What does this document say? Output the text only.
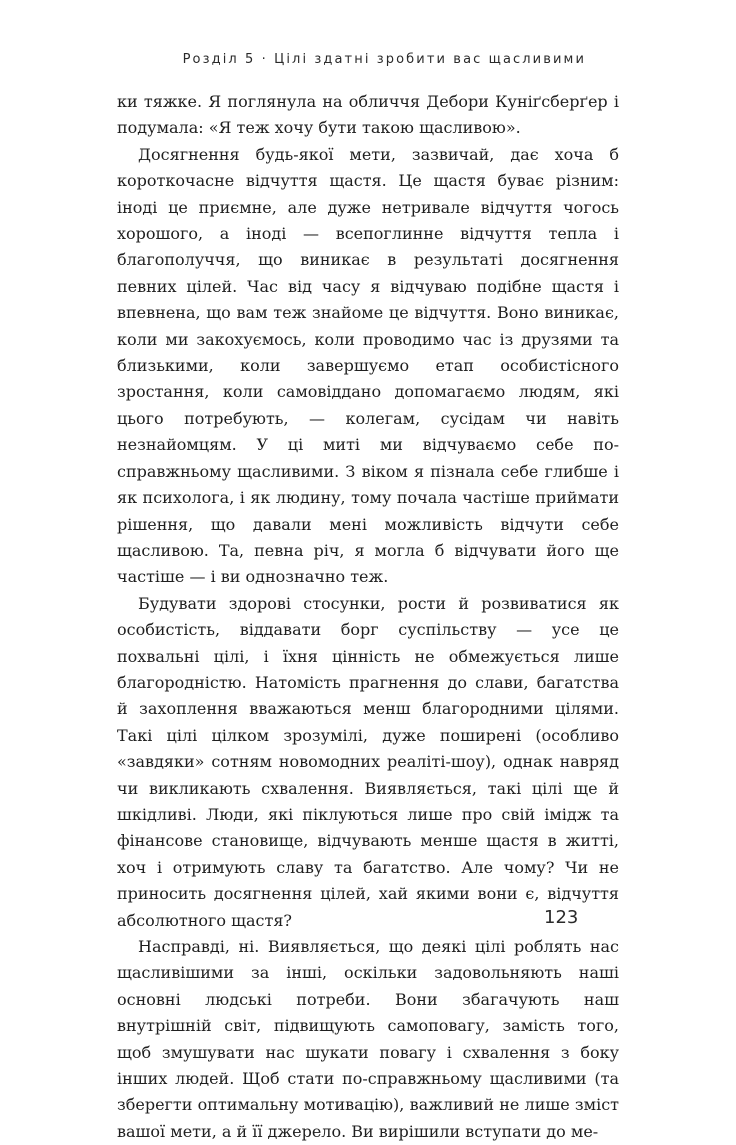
Розділ 5 · Цілі здатні зробити вас щасливими

ки тяжке. Я поглянула на обличчя Дебори Куніґсберґер і подумала: «Я теж хочу бути такою щасливою».

Досягнення будь-якої мети, зазвичай, дає хоча б короткочасне відчуття щастя. Це щастя буває різним: іноді це приємне, але дуже нетривале відчуття чогось хорошого, а іноді — всепоглинне відчуття тепла і благополуччя, що виникає в результаті досягнення певних цілей. Час від часу я відчуваю подібне щастя і впевнена, що вам теж знайоме це відчуття. Воно виникає, коли ми закохуємось, коли проводимо час із друзями та близькими, коли завершуємо етап особистісного зростання, коли самовіддано допомагаємо людям, які цього потребують, — колегам, сусідам чи навіть незнайомцям. У ці миті ми відчуваємо себе по-справжньому щасливими. З віком я пізнала себе глибше і як психолога, і як людину, тому почала частіше приймати рішення, що давали мені можливість відчути себе щасливою. Та, певна річ, я могла б відчувати його ще частіше — і ви однозначно теж.

Будувати здорові стосунки, рости й розвиватися як особистість, віддавати борг суспільству — усе це похвальні цілі, і їхня цінність не обмежується лише благородністю. Натомість прагнення до слави, багатства й захоплення вважаються менш благородними цілями. Такі цілі цілком зрозумілі, дуже поширені (особливо «завдяки» сотням новомодних реаліті-шоу), однак навряд чи викликають схвалення. Виявляється, такі цілі ще й шкідливі. Люди, які піклуються лише про свій імідж та фінансове становище, відчувають менше щастя в житті, хоч і отримують славу та багатство. Але чому? Чи не приносить досягнення цілей, хай якими вони є, відчуття абсолютного щастя?

Насправді, ні. Виявляється, що деякі цілі роблять нас щасливішими за інші, оскільки задовольняють наші основні людські потреби. Вони збагачують наш внутрішній світ, підвищують самоповагу, замість того, щоб змушувати нас шукати повагу і схвалення з боку інших людей. Щоб стати по-справжньому щасливими (та зберегти оптимальну мотивацію), важливий не лише зміст вашої мети, а й її джерело. Ви вирішили вступати до ме-

123
